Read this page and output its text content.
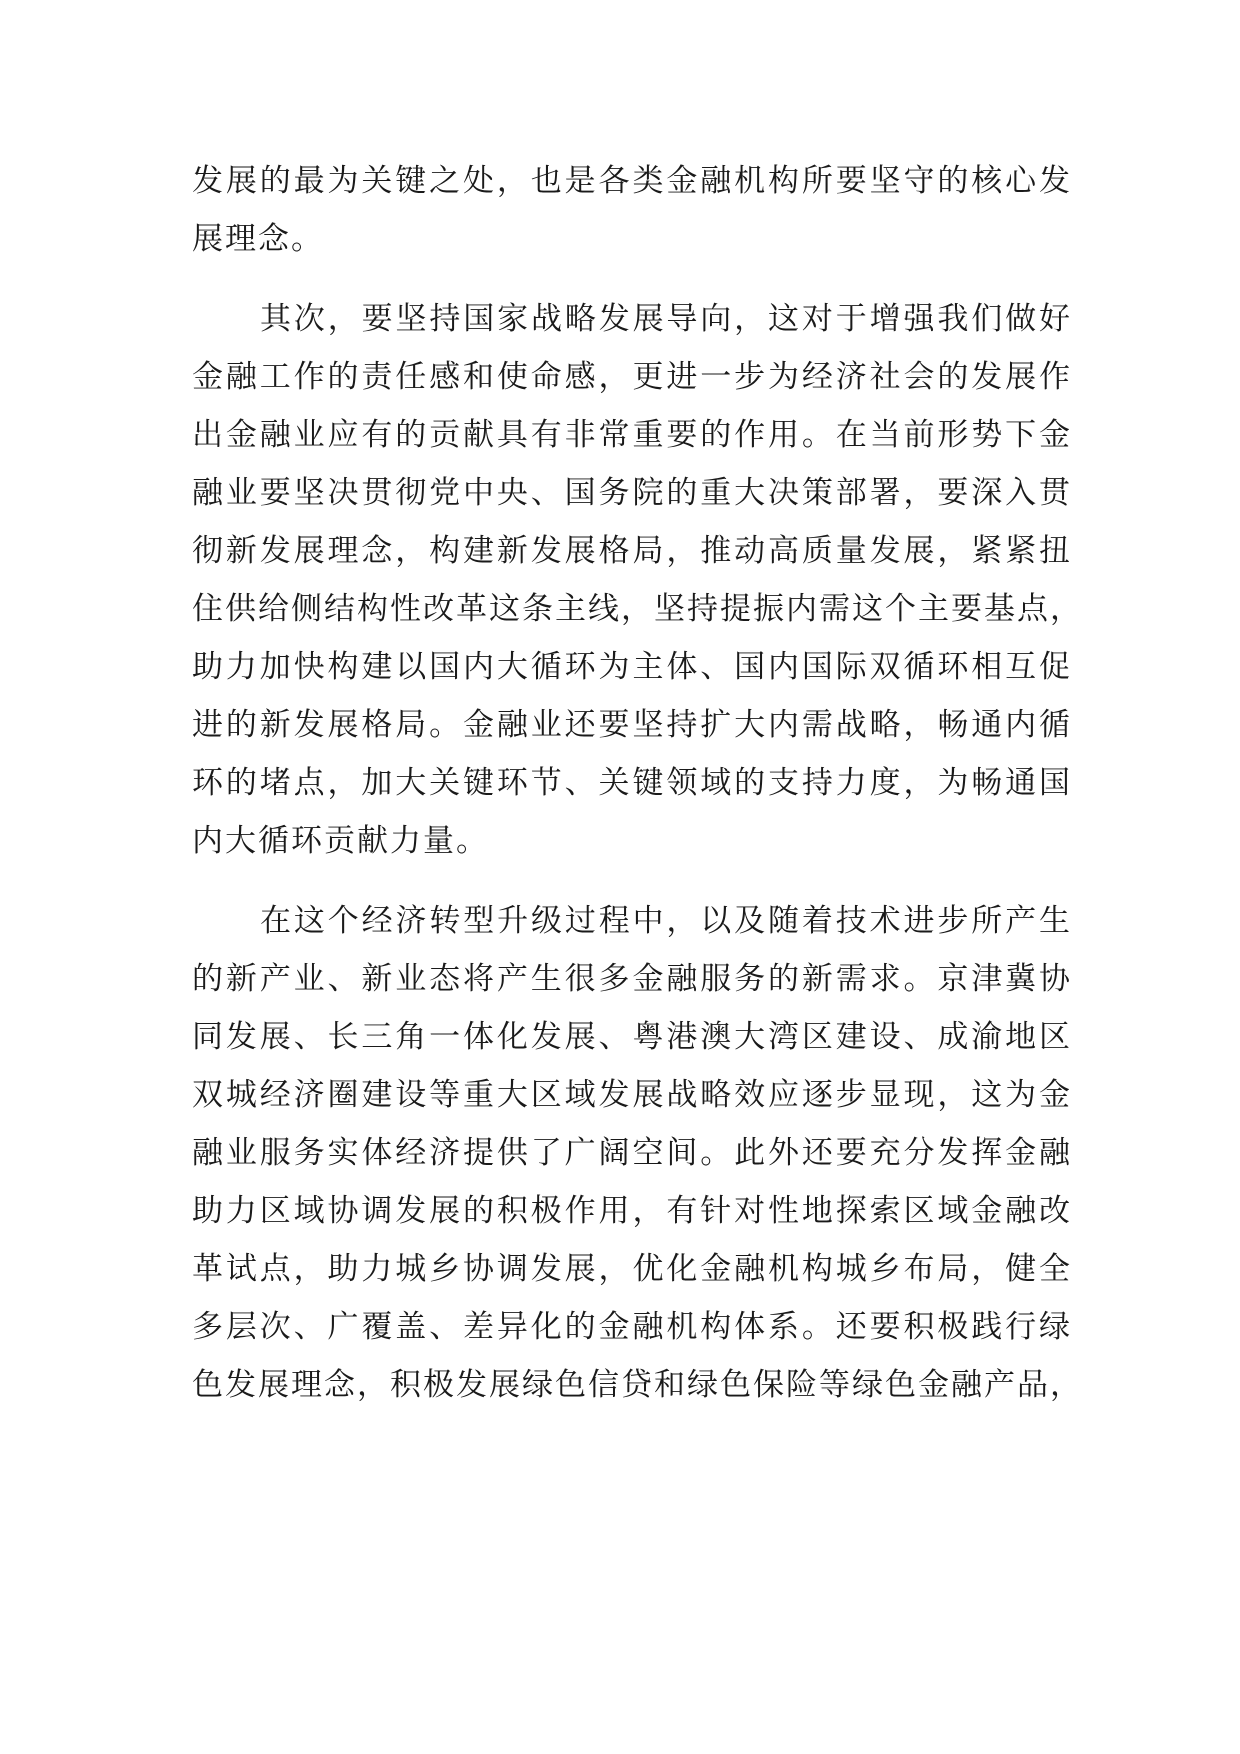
发展的最为关键之处，也是各类金融机构所要坚守的核心发
展理念。

其次，要坚持国家战略发展导向，这对于增强我们做好
金融工作的责任感和使命感，更进一步为经济社会的发展作
出金融业应有的贡献具有非常重要的作用。在当前形势下金
融业要坚决贯彻党中央、国务院的重大决策部署，要深入贯
彻新发展理念，构建新发展格局，推动高质量发展，紧紧扭
住供给侧结构性改革这条主线，坚持提振内需这个主要基点，
助力加快构建以国内大循环为主体、国内国际双循环相互促
进的新发展格局。金融业还要坚持扩大内需战略，畅通内循
环的堵点，加大关键环节、关键领域的支持力度，为畅通国
内大循环贡献力量。

在这个经济转型升级过程中，以及随着技术进步所产生
的新产业、新业态将产生很多金融服务的新需求。京津冀协
同发展、长三角一体化发展、粤港澳大湾区建设、成渝地区
双城经济圈建设等重大区域发展战略效应逐步显现，这为金
融业服务实体经济提供了广阔空间。此外还要充分发挥金融
助力区域协调发展的积极作用，有针对性地探索区域金融改
革试点，助力城乡协调发展，优化金融机构城乡布局，健全
多层次、广覆盖、差异化的金融机构体系。还要积极践行绿
色发展理念，积极发展绿色信贷和绿色保险等绿色金融产品，
